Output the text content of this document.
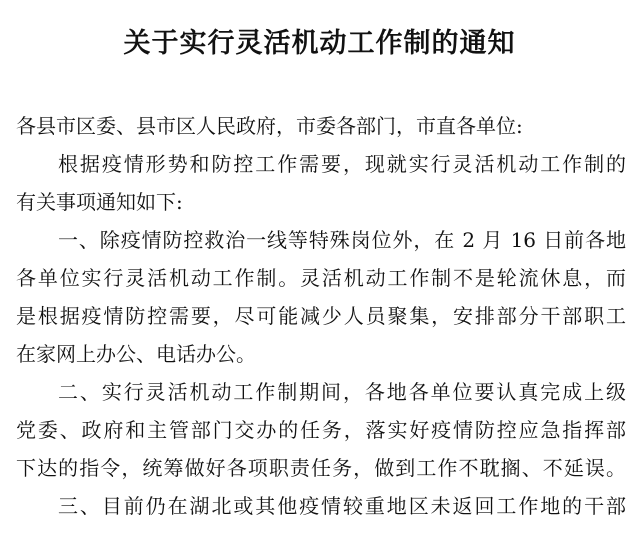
关于实行灵活机动工作制的通知
各县市区委、县市区人民政府，市委各部门，市直各单位:
根据疫情形势和防控工作需要，现就实行灵活机动工作制的
有关事项通知如下:
一、除疫情防控救治一线等特殊岗位外，在 2 月 16 日前各地
各单位实行灵活机动工作制。灵活机动工作制不是轮流休息，而
是根据疫情防控需要，尽可能减少人员聚集，安排部分干部职工
在家网上办公、电话办公。
二、实行灵活机动工作制期间，各地各单位要认真完成上级
党委、政府和主管部门交办的任务，落实好疫情防控应急指挥部
下达的指令，统筹做好各项职责任务，做到工作不耽搁、不延误。
三、目前仍在湖北或其他疫情较重地区未返回工作地的干部
